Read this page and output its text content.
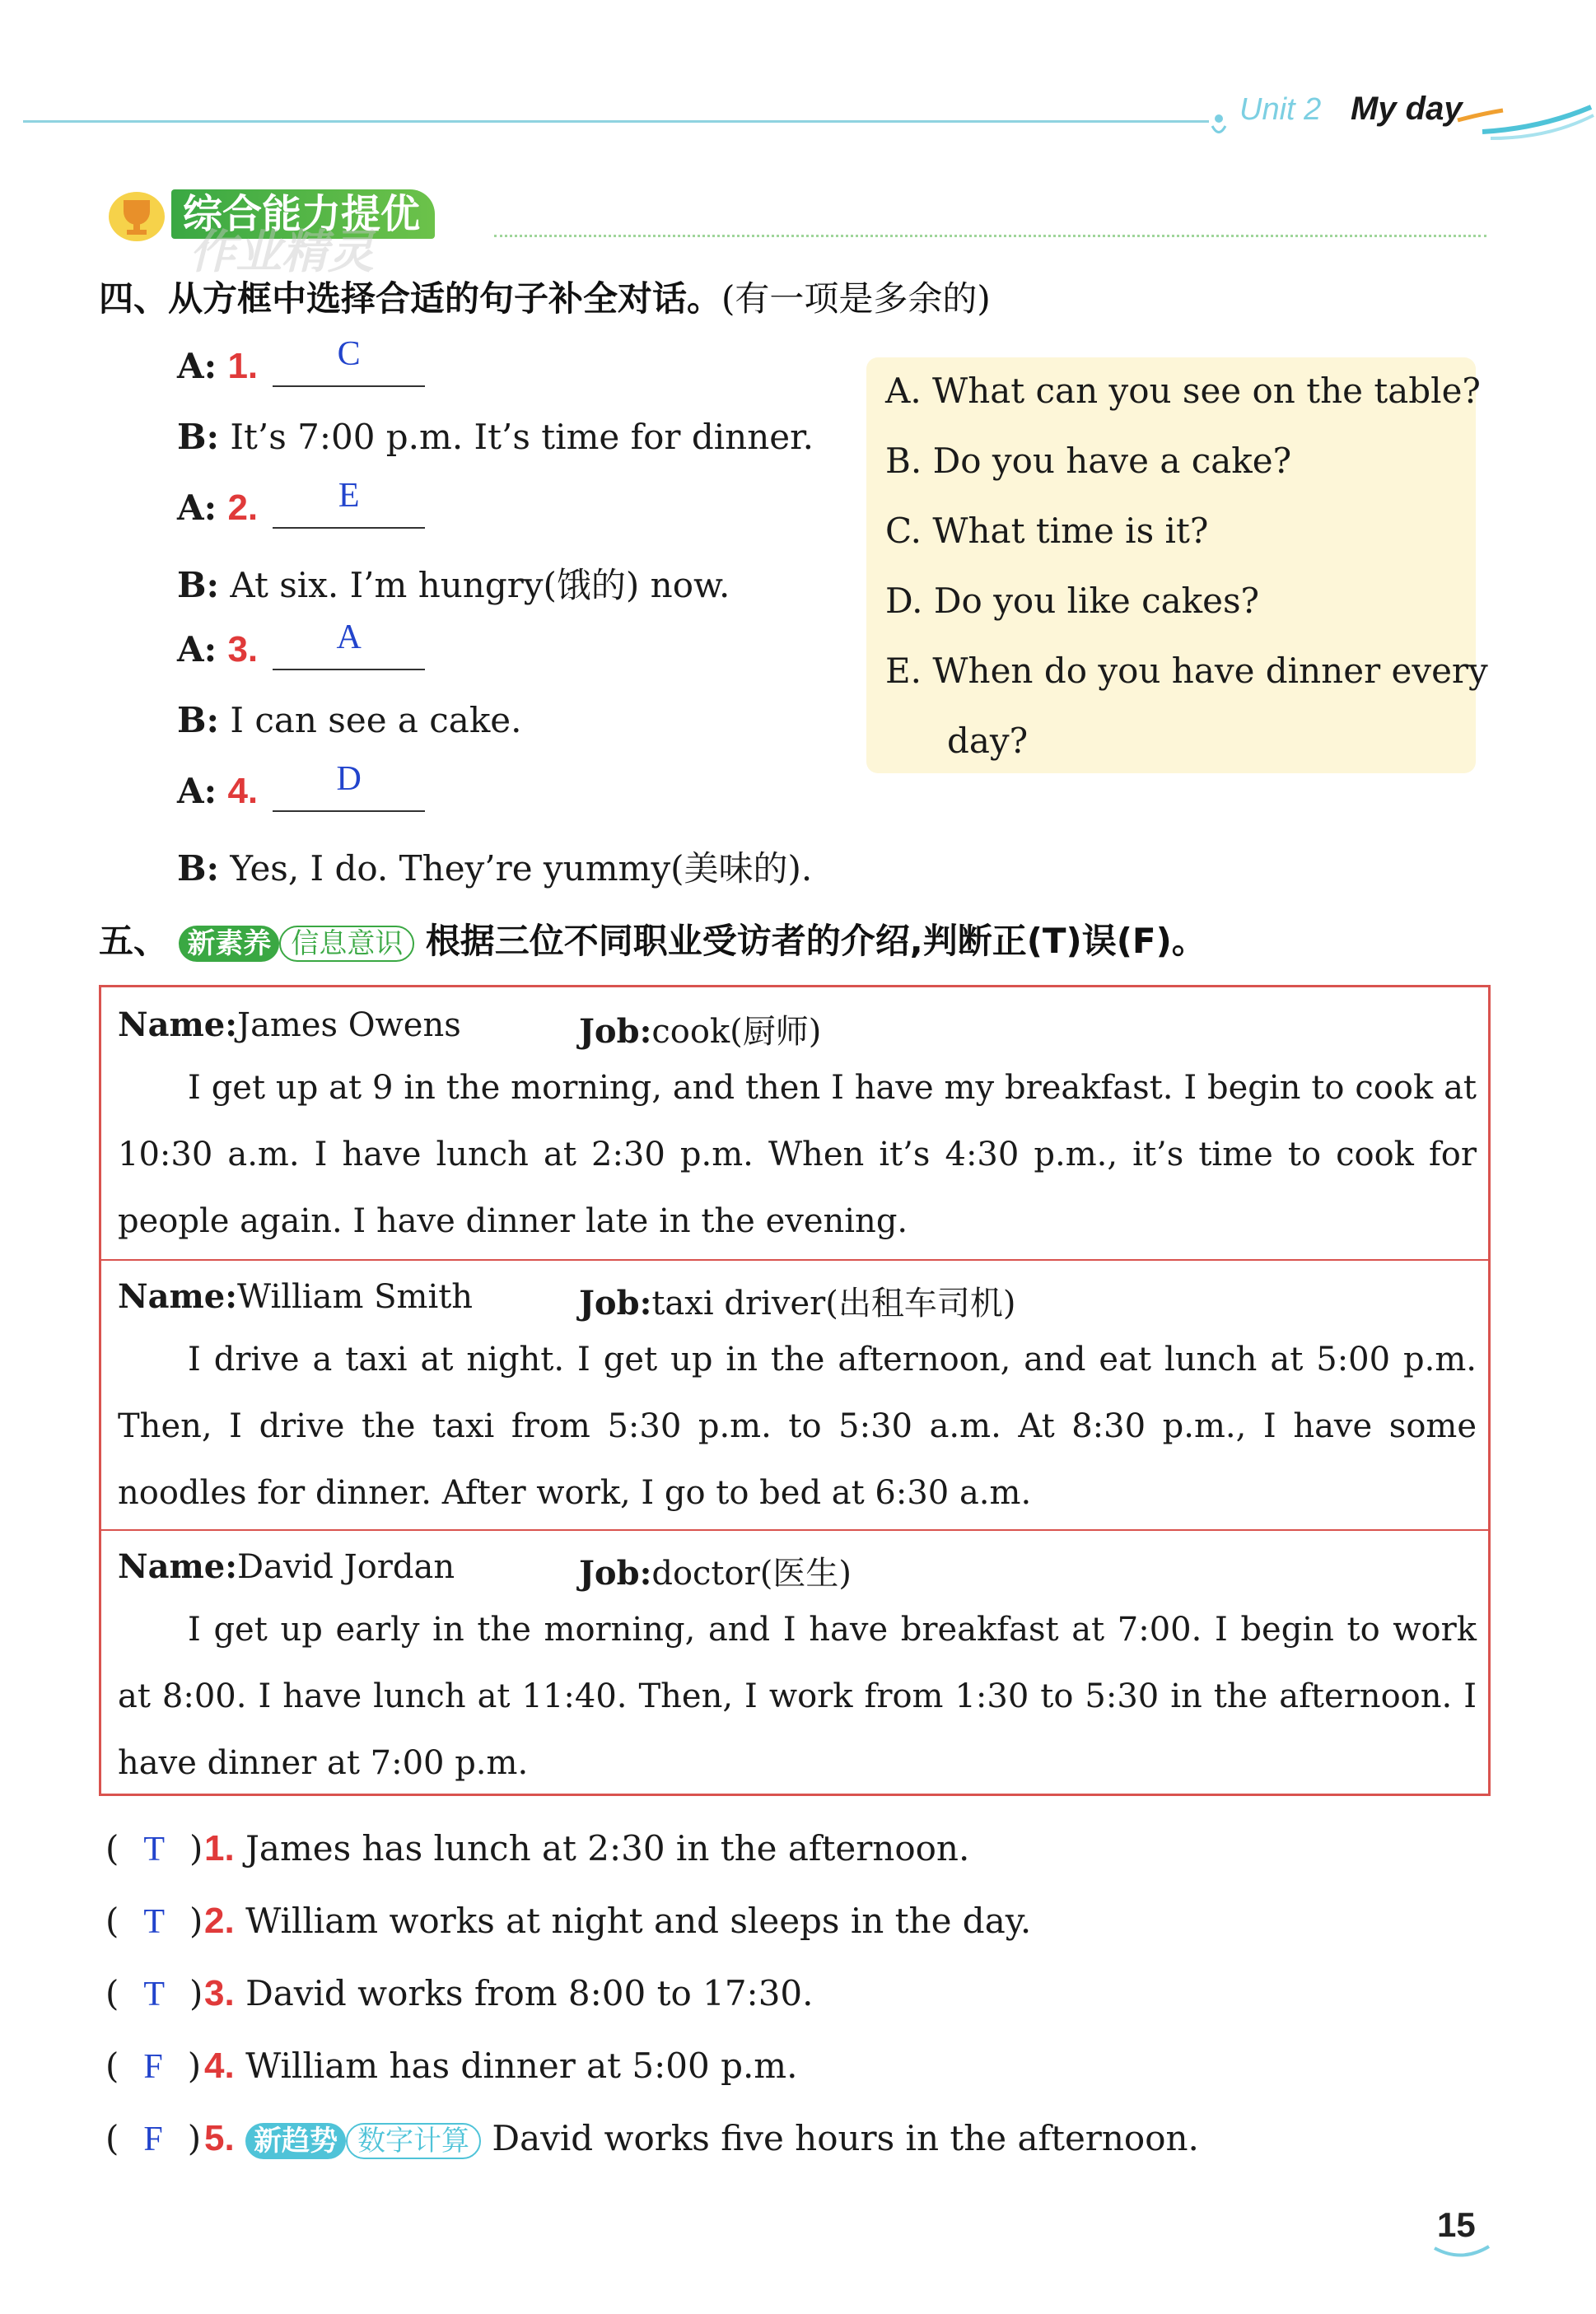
Unit 2 My day
综合能力提优
作业精灵
四、从方框中选择合适的句子补全对话。(有一项是多余的)
A: 1. C
B: It’s 7:00 p.m. It’s time for dinner.
A: 2. E
B: At six. I’m hungry(饿的) now.
A: 3. A
B: I can see a cake.
A: 4. D
B: Yes, I do. They’re yummy(美味的).
A. What can you see on the table?
B. Do you have a cake?
C. What time is it?
D. Do you like cakes?
E. When do you have dinner every
day?
五、 新素养 信息意识 根据三位不同职业受访者的介绍,判断正(T)误(F)。
Name:James Owens	Job:cook(厨师)
I get up at 9 in the morning, and then I have my breakfast. I begin to cook at 10:30 a.m. I have lunch at 2:30 p.m. When it’s 4:30 p.m., it’s time to cook for people again. I have dinner late in the evening.
Name:William Smith	Job:taxi driver(出租车司机)
I drive a taxi at night. I get up in the afternoon, and eat lunch at 5:00 p.m. Then, I drive the taxi from 5:30 p.m. to 5:30 a.m. At 8:30 p.m., I have some noodles for dinner. After work, I go to bed at 6:30 a.m.
Name:David Jordan	Job:doctor(医生)
I get up early in the morning, and I have breakfast at 7:00. I begin to work at 8:00. I have lunch at 11:40. Then, I work from 1:30 to 5:30 in the afternoon. I have dinner at 7:00 p.m.
( T )1. James has lunch at 2:30 in the afternoon.
( T )2. William works at night and sleeps in the day.
( T )3. David works from 8:00 to 17:30.
( F )4. William has dinner at 5:00 p.m.
( F )5. 新趋势 数字计算 David works five hours in the afternoon.
15
